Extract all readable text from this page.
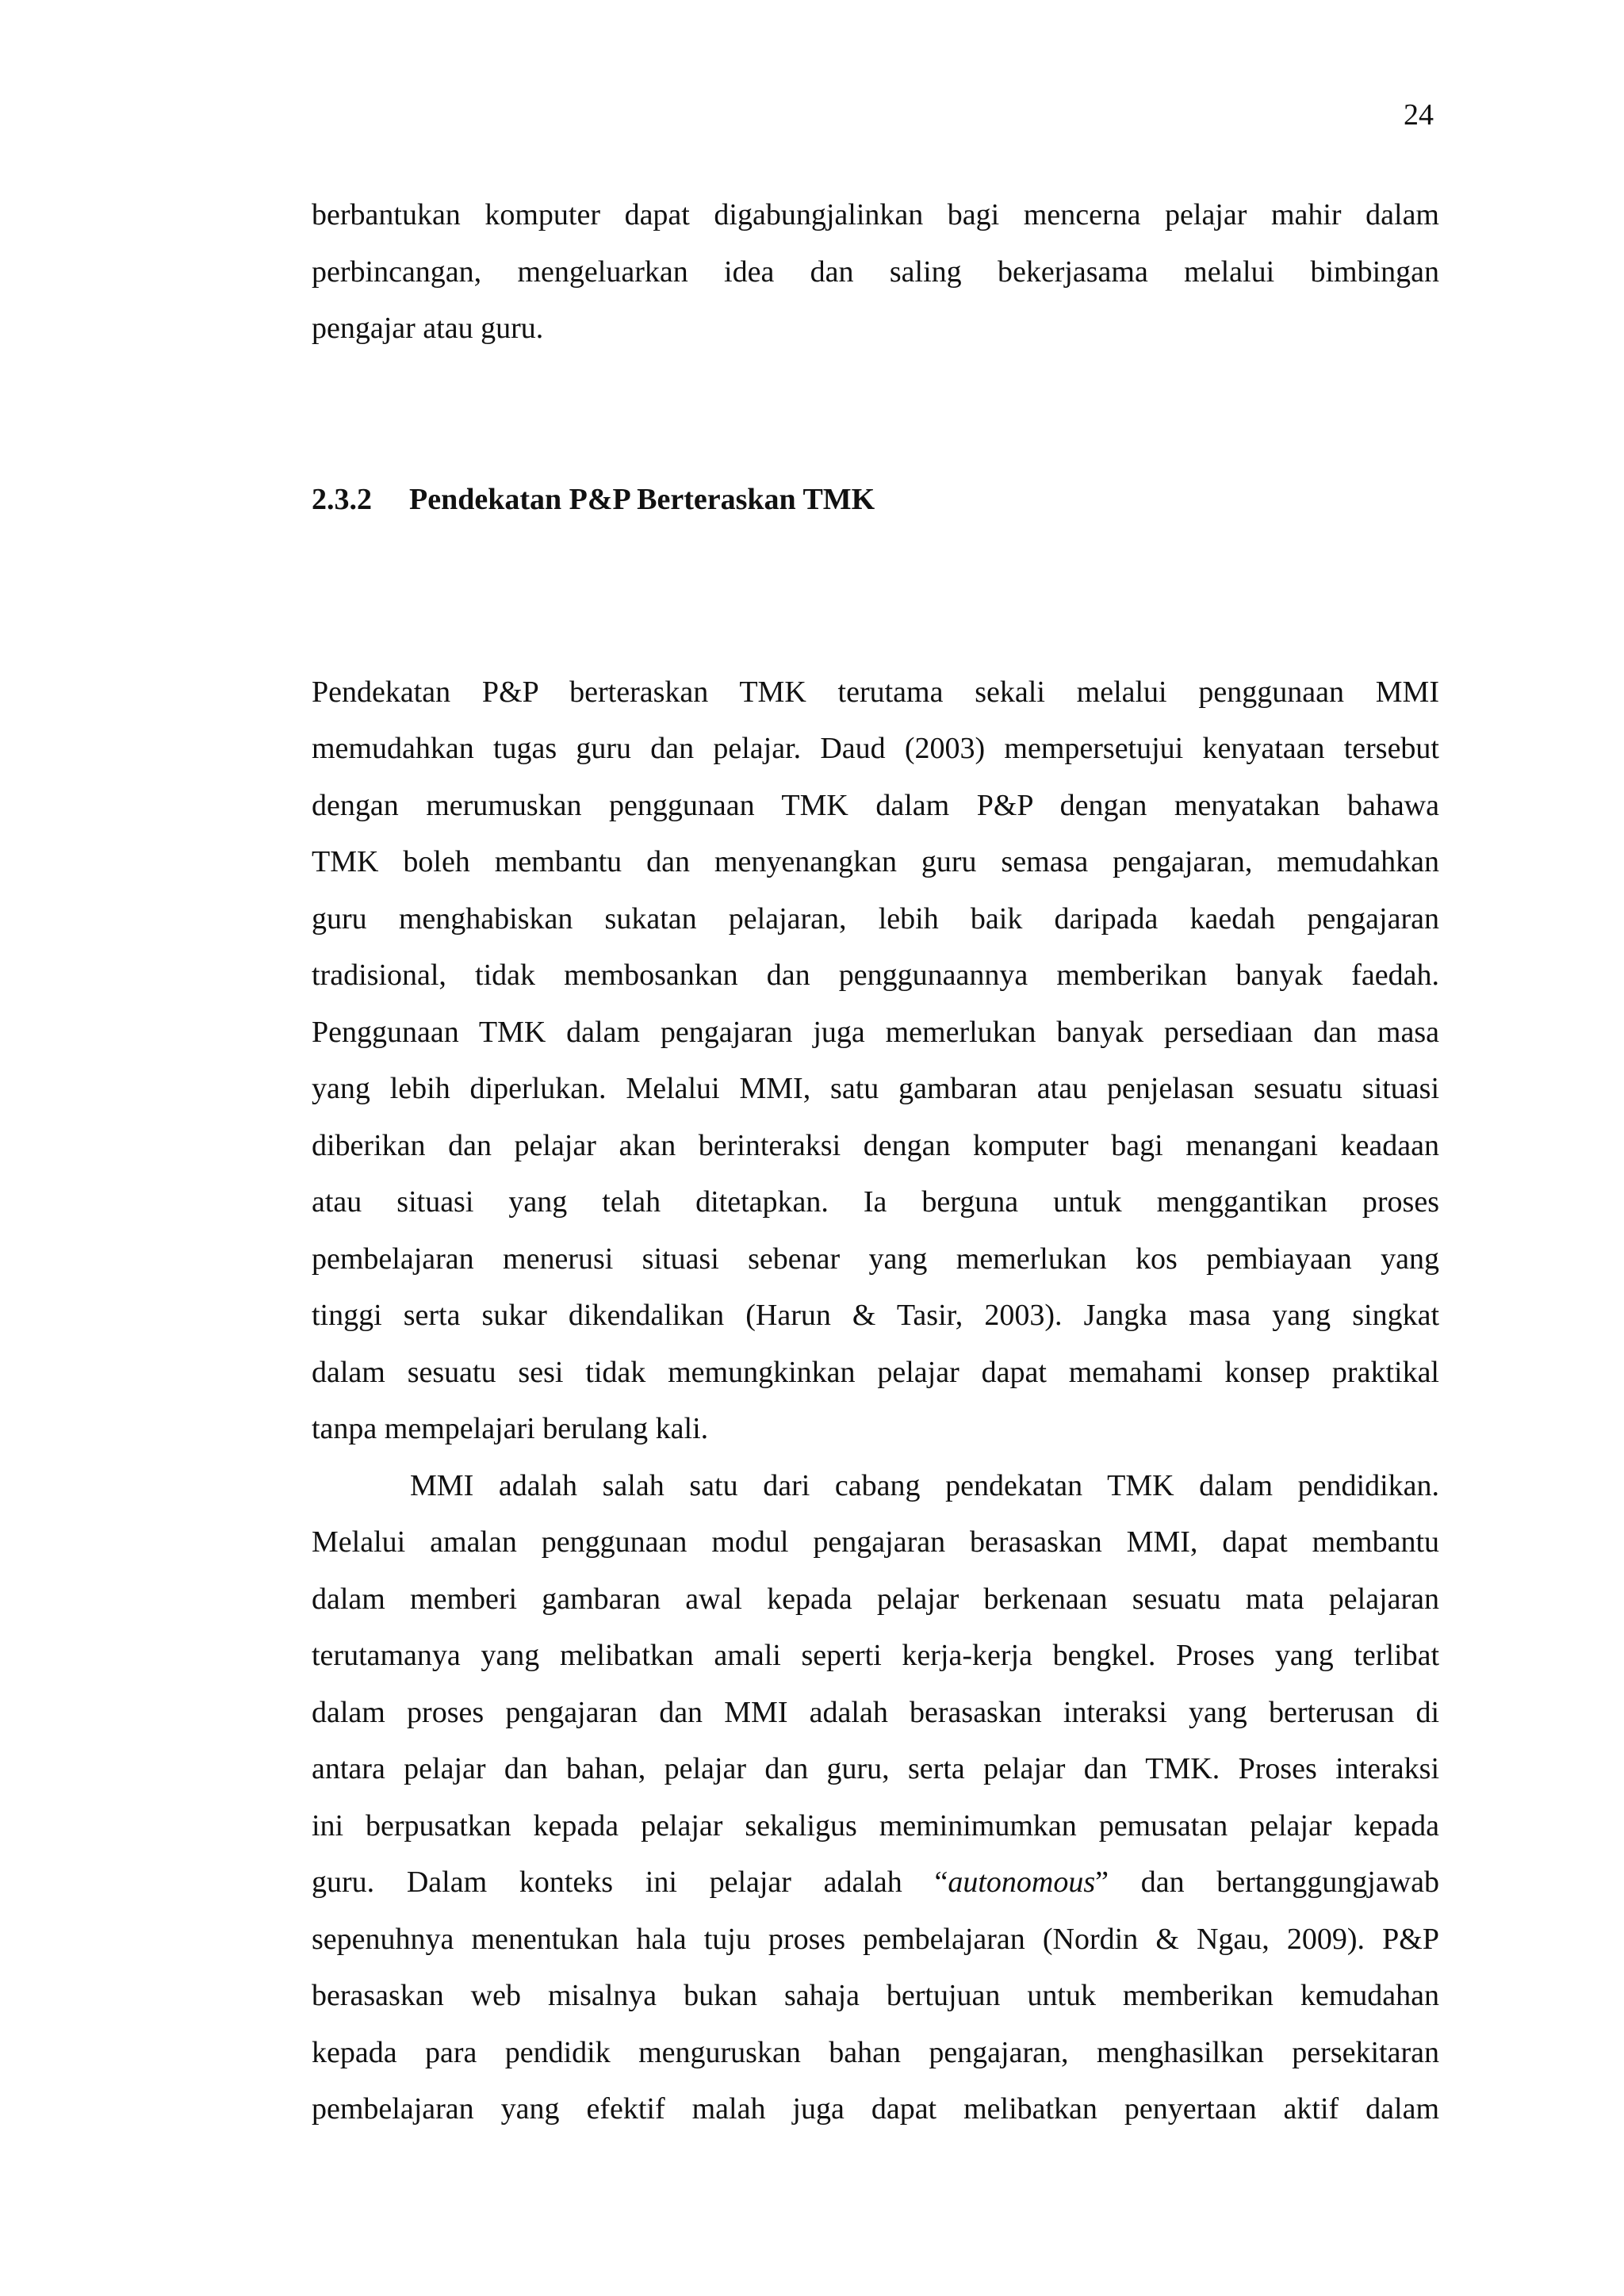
24

berbantukan komputer dapat digabungjalinkan bagi mencerna pelajar mahir dalam
perbincangan, mengeluarkan idea dan saling bekerjasama melalui bimbingan
pengajar atau guru.

2.3.2 Pendekatan P&P Berteraskan TMK

Pendekatan P&P berteraskan TMK terutama sekali melalui penggunaan MMI
memudahkan tugas guru dan pelajar. Daud (2003) mempersetujui kenyataan tersebut
dengan merumuskan penggunaan TMK dalam P&P dengan menyatakan bahawa
TMK boleh membantu dan menyenangkan guru semasa pengajaran, memudahkan
guru menghabiskan sukatan pelajaran, lebih baik daripada kaedah pengajaran
tradisional, tidak membosankan dan penggunaannya memberikan banyak faedah.
Penggunaan TMK dalam pengajaran juga memerlukan banyak persediaan dan masa
yang lebih diperlukan. Melalui MMI, satu gambaran atau penjelasan sesuatu situasi
diberikan dan pelajar akan berinteraksi dengan komputer bagi menangani keadaan
atau situasi yang telah ditetapkan. Ia berguna untuk menggantikan proses
pembelajaran menerusi situasi sebenar yang memerlukan kos pembiayaan yang
tinggi serta sukar dikendalikan (Harun & Tasir, 2003). Jangka masa yang singkat
dalam sesuatu sesi tidak memungkinkan pelajar dapat memahami konsep praktikal
tanpa mempelajari berulang kali.

MMI adalah salah satu dari cabang pendekatan TMK dalam pendidikan.
Melalui amalan penggunaan modul pengajaran berasaskan MMI, dapat membantu
dalam memberi gambaran awal kepada pelajar berkenaan sesuatu mata pelajaran
terutamanya yang melibatkan amali seperti kerja-kerja bengkel. Proses yang terlibat
dalam proses pengajaran dan MMI adalah berasaskan interaksi yang berterusan di
antara pelajar dan bahan, pelajar dan guru, serta pelajar dan TMK. Proses interaksi
ini berpusatkan kepada pelajar sekaligus meminimumkan pemusatan pelajar kepada
guru. Dalam konteks ini pelajar adalah “autonomous” dan bertanggungjawab
sepenuhnya menentukan hala tuju proses pembelajaran (Nordin & Ngau, 2009). P&P
berasaskan web misalnya bukan sahaja bertujuan untuk memberikan kemudahan
kepada para pendidik menguruskan bahan pengajaran, menghasilkan persekitaran
pembelajaran yang efektif malah juga dapat melibatkan penyertaan aktif dalam
